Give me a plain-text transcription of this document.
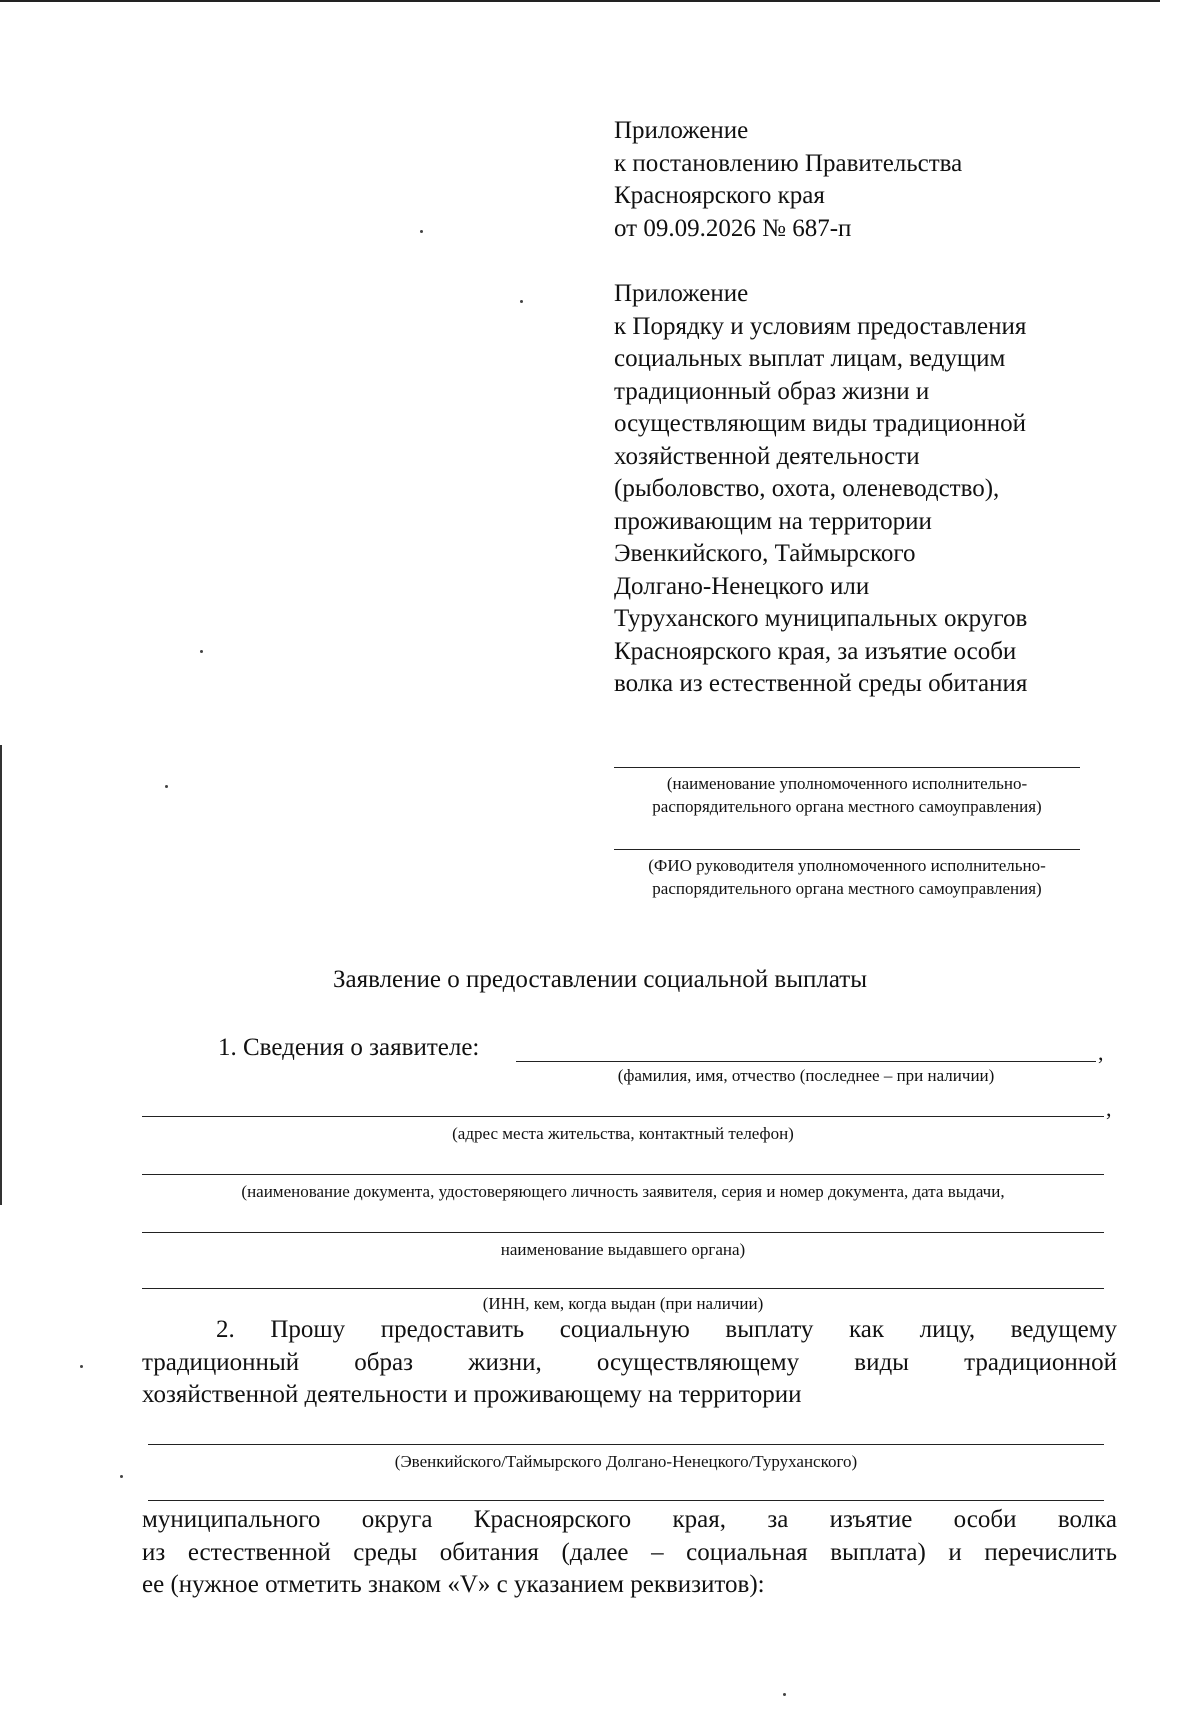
Приложение
к постановлению Правительства
Красноярского края
от 09.09.2026 № 687-п
Приложение
к Порядку и условиям предоставления
социальных выплат лицам, ведущим
традиционный образ жизни и
осуществляющим виды традиционной
хозяйственной деятельности
(рыболовство, охота, оленеводство),
проживающим на территории
Эвенкийского, Таймырского
Долгано-Ненецкого или
Туруханского муниципальных округов
Красноярского края, за изъятие особи
волка из естественной среды обитания
(наименование уполномоченного исполнительно-
распорядительного органа местного самоуправления)
(ФИО руководителя уполномоченного исполнительно-
распорядительного органа местного самоуправления)
Заявление о предоставлении социальной выплаты
1. Сведения о заявителе:	,
(фамилия, имя, отчество (последнее – при наличии)
,
(адрес места жительства, контактный телефон)
(наименование документа, удостоверяющего личность заявителя, серия и номер документа, дата выдачи,
наименование выдавшего органа)
(ИНН, кем, когда выдан (при наличии)
2. Прошу предоставить социальную выплату как лицу, ведущему
традиционный образ жизни, осуществляющему виды традиционной
хозяйственной деятельности и проживающему на территории
(Эвенкийского/Таймырского Долгано-Ненецкого/Туруханского)
муниципального округа Красноярского края, за изъятие особи волка
из естественной среды обитания (далее – социальная выплата) и перечислить
ее (нужное отметить знаком «V» с указанием реквизитов):
